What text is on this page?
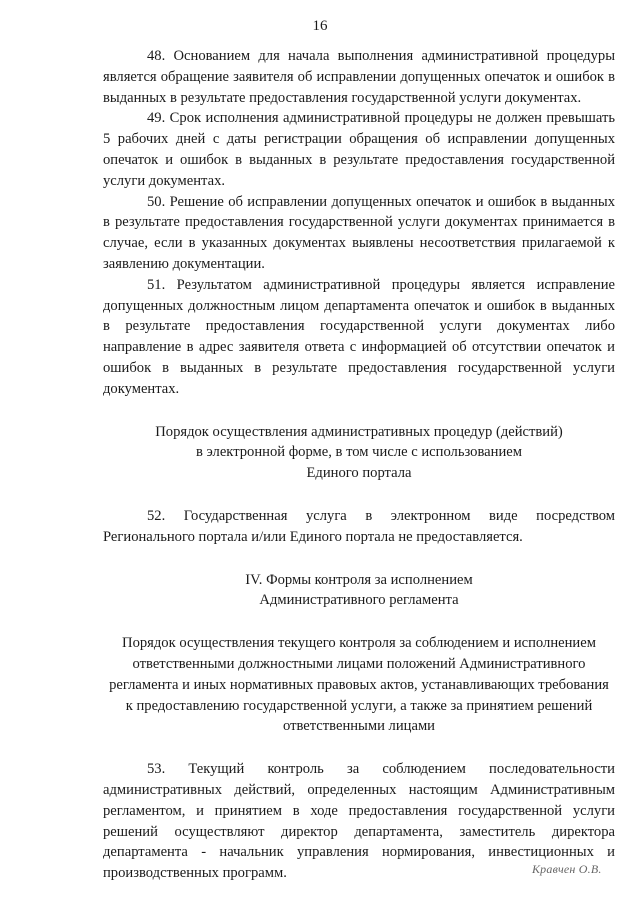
16

48. Основанием для начала выполнения административной процедуры является обращение заявителя об исправлении допущенных опечаток и ошибок в выданных в результате предоставления государственной услуги документах.

49. Срок исполнения административной процедуры не должен превышать 5 рабочих дней с даты регистрации обращения об исправлении допущенных опечаток и ошибок в выданных в результате предоставления государственной услуги документах.

50. Решение об исправлении допущенных опечаток и ошибок в выданных в результате предоставления государственной услуги документах принимается в случае, если в указанных документах выявлены несоответствия прилагаемой к заявлению документации.

51. Результатом административной процедуры является исправление допущенных должностным лицом департамента опечаток и ошибок в выданных в результате предоставления государственной услуги документах либо направление в адрес заявителя ответа с информацией об отсутствии опечаток и ошибок в выданных в результате предоставления государственной услуги документах.

Порядок осуществления административных процедур (действий)
в электронной форме, в том числе с использованием
Единого портала

52. Государственная услуга в электронном виде посредством Регионального портала и/или Единого портала не предоставляется.

IV. Формы контроля за исполнением
Административного регламента
Порядок осуществления текущего контроля за соблюдением и исполнением
ответственными должностными лицами положений Административного
регламента и иных нормативных правовых актов, устанавливающих требования
к предоставлению государственной услуги, а также за принятием решений
ответственными лицами

53. Текущий контроль за соблюдением последовательности административных действий, определенных настоящим Административным регламентом, и принятием в ходе предоставления государственной услуги решений осуществляют директор департамента, заместитель директора департамента - начальник управления нормирования, инвестиционных и производственных программ.	Кравчен О.В.
